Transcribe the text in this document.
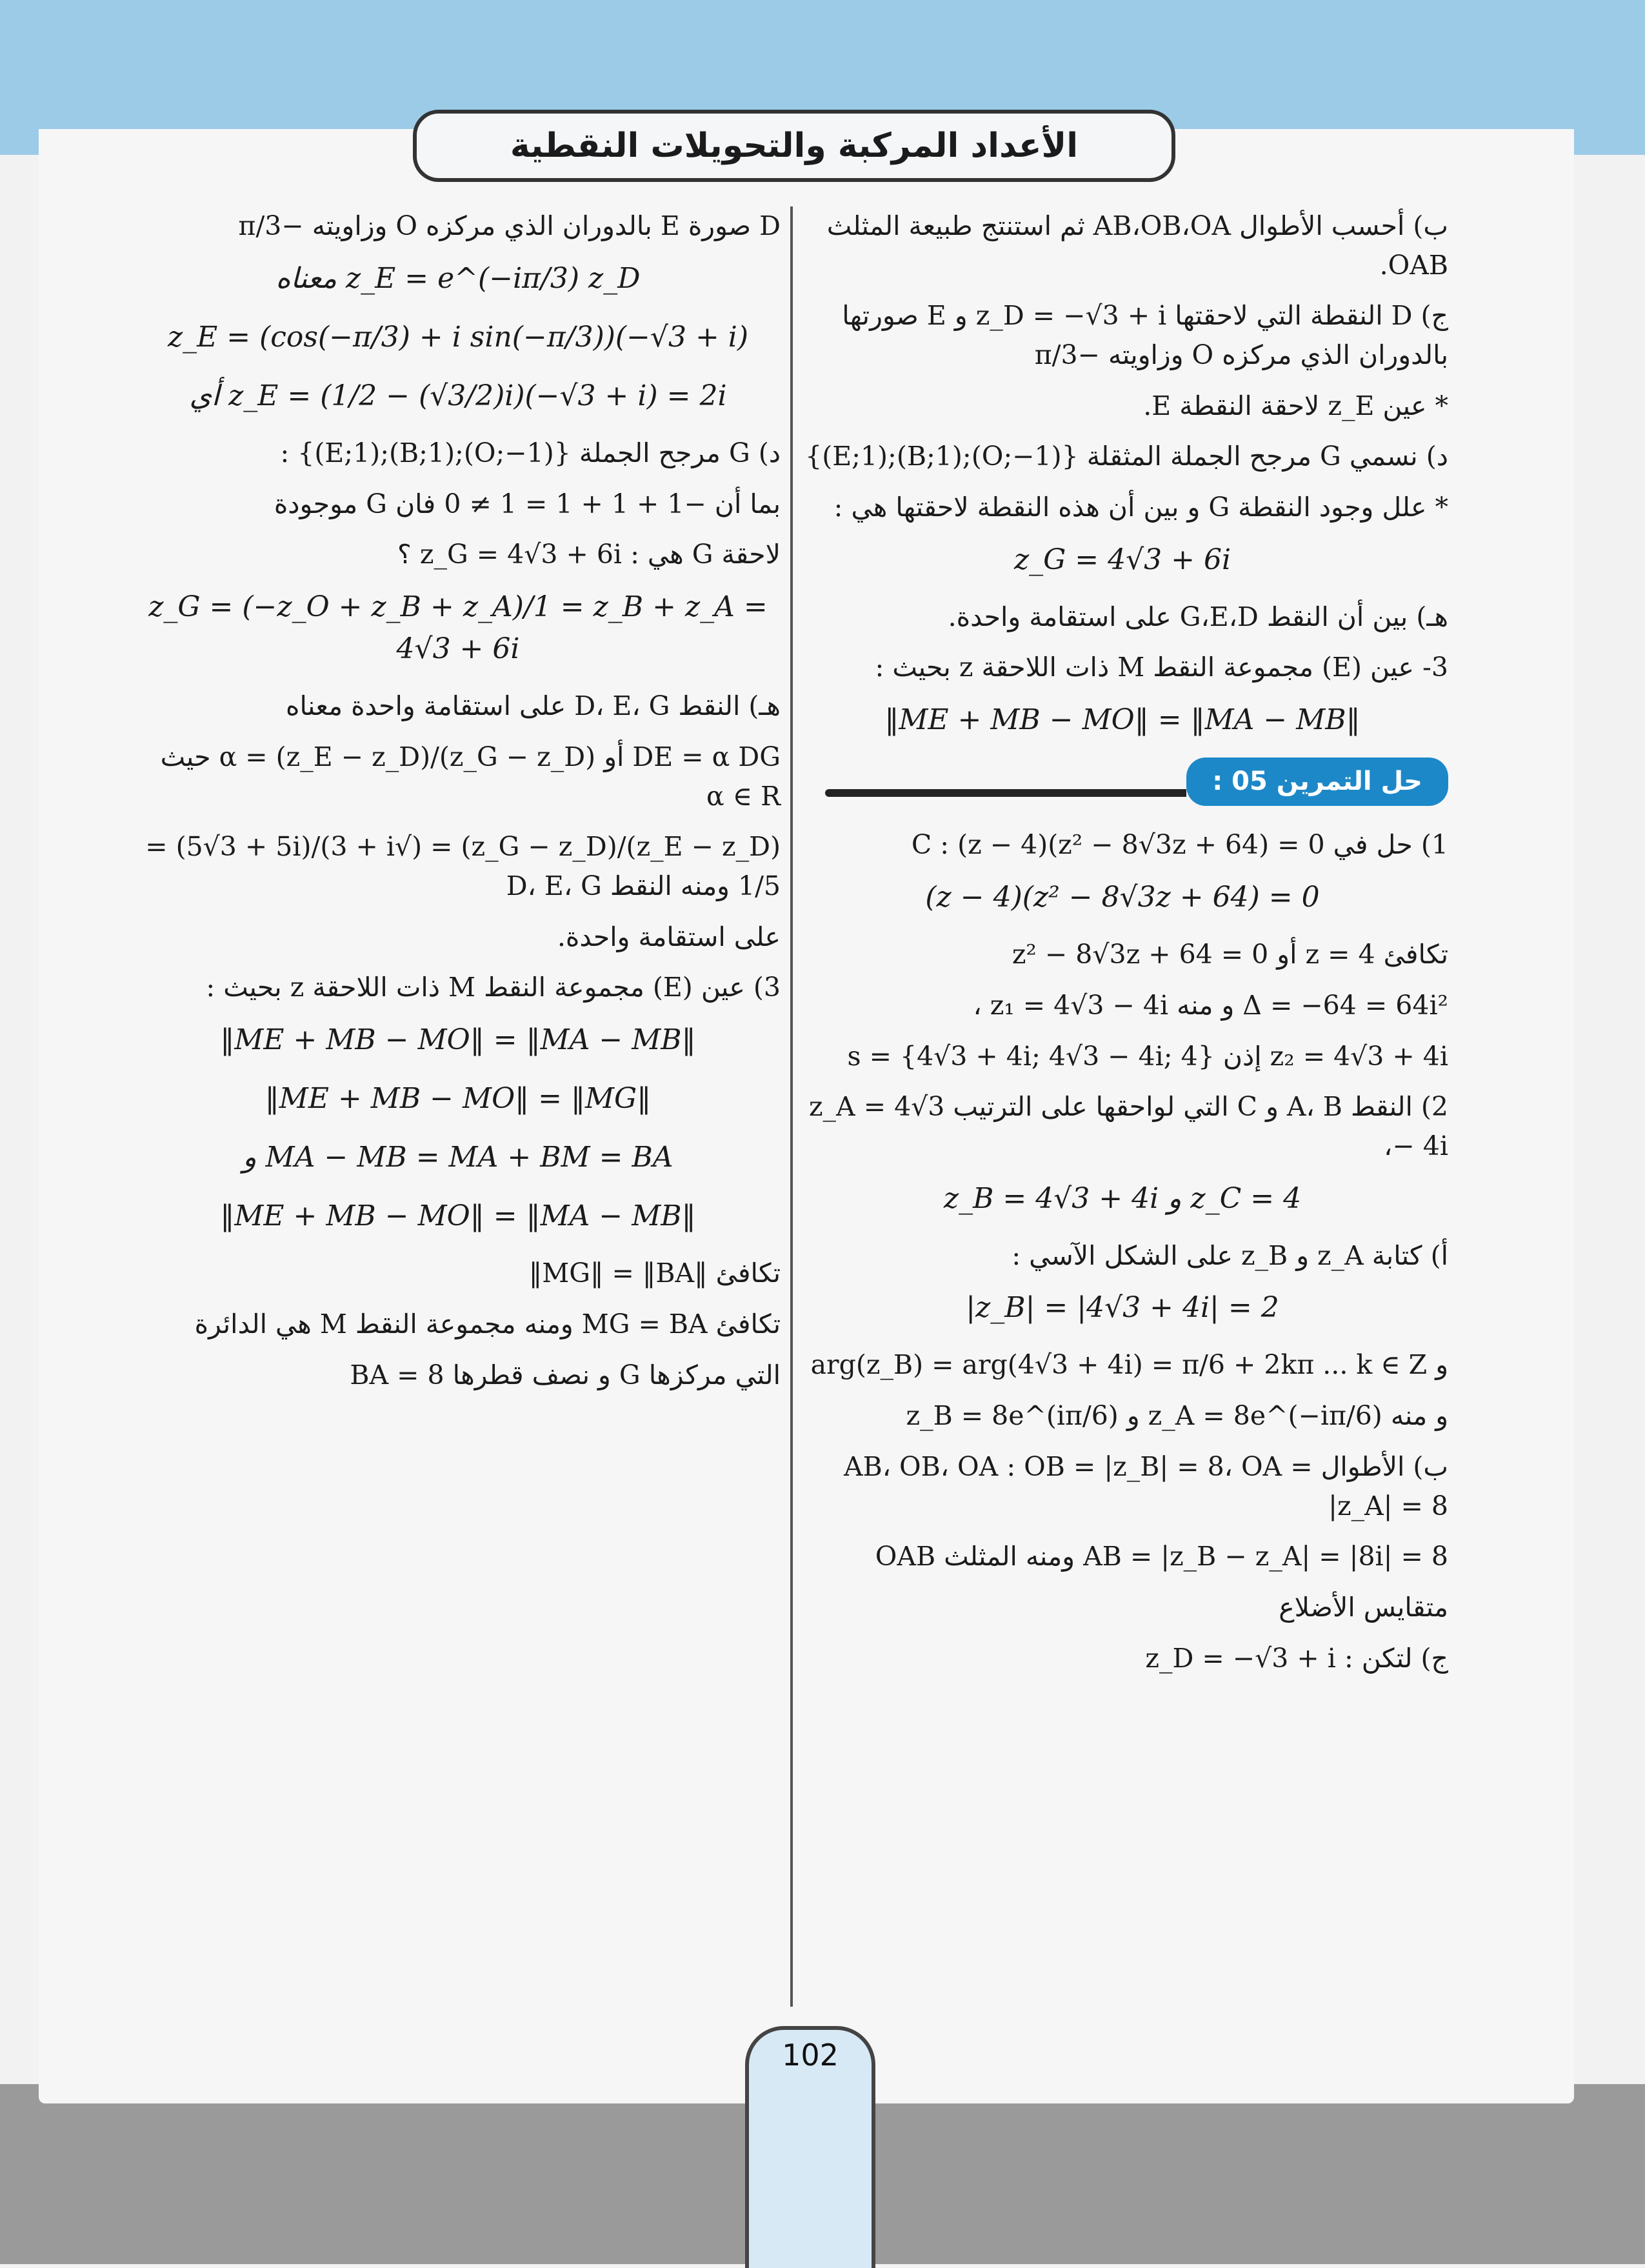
الأعداد المركبة والتحويلات النقطية
ب) أحسب الأطوال AB،OB،OA ثم استنتج طبيعة المثلث OAB.
ج) D النقطة التي لاحقتها z_D = −√3 + i و E صورتها بالدوران الذي مركزه O وزاويته −π/3
* عين z_E لاحقة النقطة E.
د) نسمي G مرجح الجملة المثقلة {(O;−1);(B;1);(E;1)}
* علل وجود النقطة G و بين أن هذه النقطة لاحقتها هي :
z_G = 4√3 + 6i
هـ) بين أن النقط G،E،D على استقامة واحدة.
3- عين (E) مجموعة النقط M ذات اللاحقة z بحيث :
‖ME + MB − MO‖ = ‖MA − MB‖
حل التمرين 05 :
1) حل في C : (z − 4)(z² − 8√3z + 64) = 0
(z − 4)(z² − 8√3z + 64) = 0
تكافئ z = 4 أو z² − 8√3z + 64 = 0
Δ = −64 = 64i² و منه z₁ = 4√3 − 4i ،
z₂ = 4√3 + 4i إذن s = {4√3 + 4i; 4√3 − 4i; 4}
2) النقط A، B و C التي لواحقها على الترتيب z_A = 4√3 − 4i،
z_B = 4√3 + 4i و z_C = 4
أ) كتابة z_A و z_B على الشكل الآسي :
|z_B| = |4√3 + 4i| = 2
و arg(z_B) = arg(4√3 + 4i) = π/6 + 2kπ ... k ∈ Z
و منه z_A = 8e^(−iπ/6) و z_B = 8e^(iπ/6)
ب) الأطوال AB، OB، OA : OB = |z_B| = 8، OA = |z_A| = 8
AB = |z_B − z_A| = |8i| = 8 ومنه المثلث OAB
متقايس الأضلاع
ج) لتكن : z_D = −√3 + i
D صورة E بالدوران الذي مركزه O وزاويته −π/3
معناه z_E = e^(−iπ/3) z_D
z_E = (cos(−π/3) + i sin(−π/3))(−√3 + i)
أي z_E = (1/2 − (√3/2)i)(−√3 + i) = 2i
د) G مرجح الجملة {(O;−1);(B;1);(E;1)} :
بما أن −1 + 1 + 1 = 1 ≠ 0 فان G موجودة
لاحقة G هي : z_G = 4√3 + 6i ؟
z_G = (−z_O + z_B + z_A)/1 = z_B + z_A = 4√3 + 6i
هـ) النقط D، E، G على استقامة واحدة معناه
DE = α DG أو α = (z_E − z_D)/(z_G − z_D) حيث α ∈ R
(z_E − z_D)/(z_G − z_D) = (√3 + i)/(5√3 + 5i) = 1/5 ومنه النقط D، E، G
على استقامة واحدة.
3) عين (E) مجموعة النقط M ذات اللاحقة z بحيث :
‖ME + MB − MO‖ = ‖MA − MB‖
‖ME + MB − MO‖ = ‖MG‖
و MA − MB = MA + BM = BA
‖ME + MB − MO‖ = ‖MA − MB‖
تكافئ ‖MG‖ = ‖BA‖
تكافئ MG = BA ومنه مجموعة النقط M هي الدائرة
التي مركزها G و نصف قطرها BA = 8
102
